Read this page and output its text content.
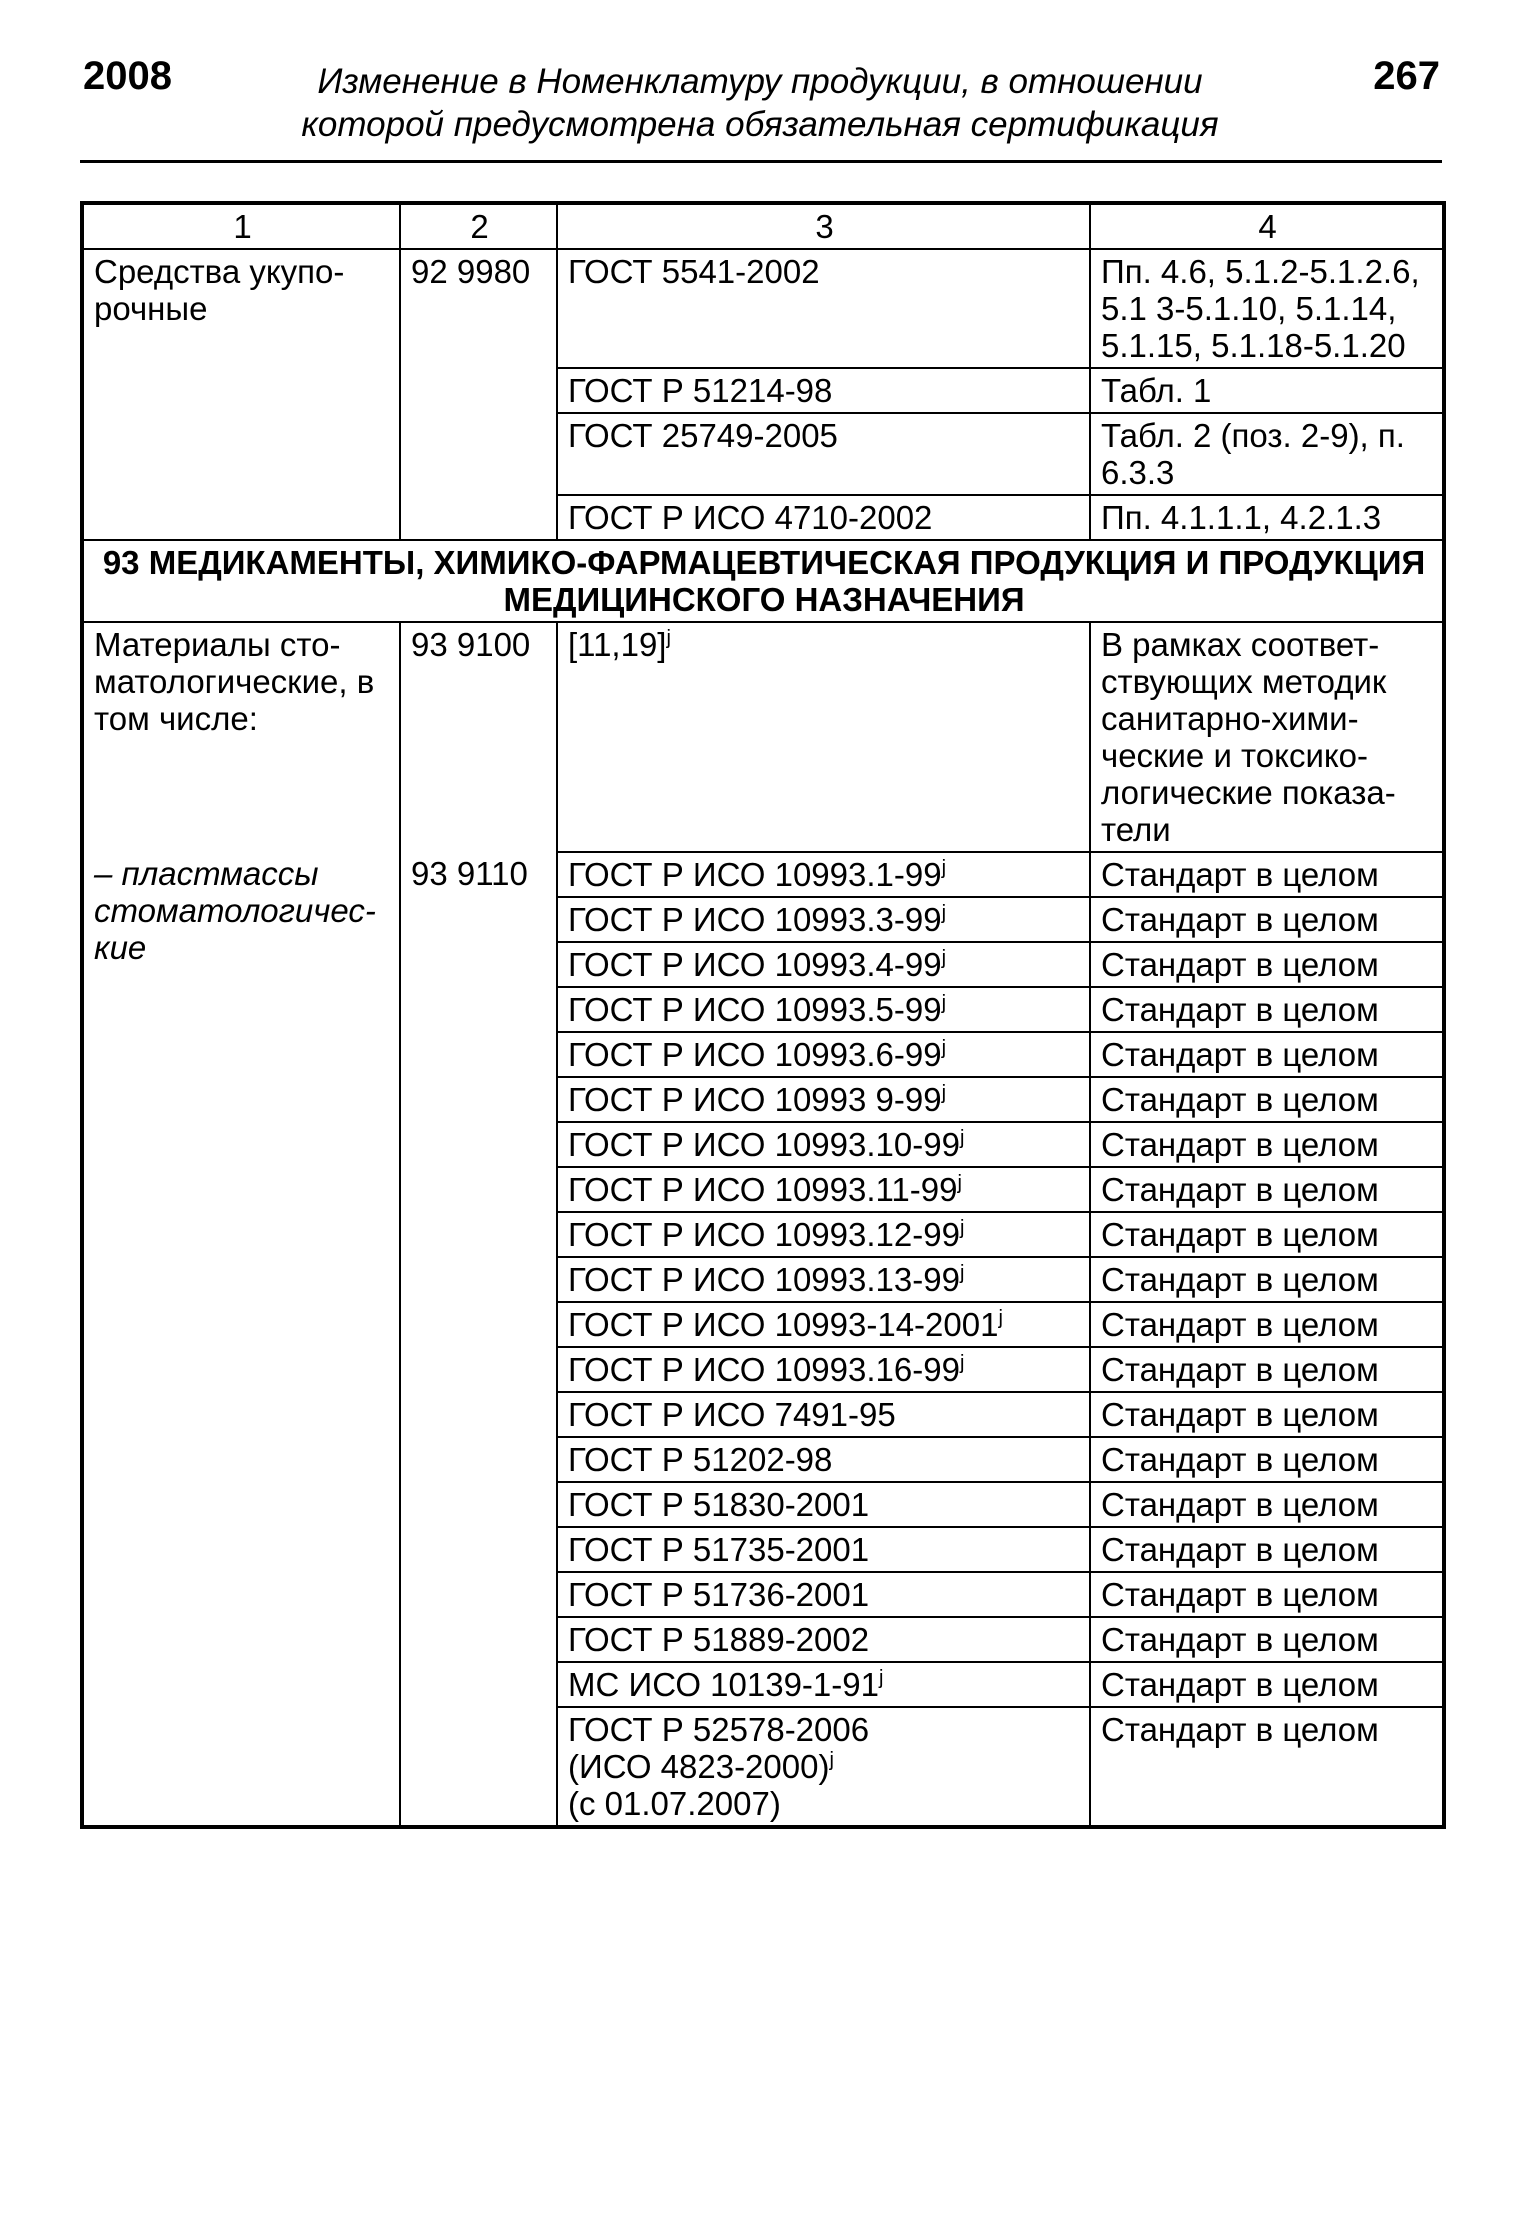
2008	Изменение в Номенклатуру продукции, в отношении
которой предусмотрена обязательная сертификация
267
1	2	3	4
Средства укупо-рочные	92 9980	ГОСТ 5541-2002	Пп. 4.6, 5.1.2-5.1.2.6, 5.1 3-5.1.10, 5.1.14, 5.1.15, 5.1.18-5.1.20
		ГОСТ Р 51214-98	Табл. 1
		ГОСТ 25749-2005	Табл. 2 (поз. 2-9), п. 6.3.3
		ГОСТ Р ИСО 4710-2002	Пп. 4.1.1.1, 4.2.1.3
93 МЕДИКАМЕНТЫ, ХИМИКО-ФАРМАЦЕВТИЧЕСКАЯ ПРОДУКЦИЯ И ПРОДУКЦИЯ МЕДИЦИНСКОГО НАЗНАЧЕНИЯ			
Материалы сто-матологические, в том числе:	93 9100	$[11,19]^j$	В рамках соответ-ствующих методик санитарно-хими-ческие и токсико-логические показа-тели
– пластмассы стоматологичес-кие	93 9110	ГОСТ Р ИСО 10993.1-99$^j$	Стандарт в целом
		ГОСТ Р ИСО 10993.3-99$^j$	Стандарт в целом
		ГОСТ Р ИСО 10993.4-99$^j$	Стандарт в целом
		ГОСТ Р ИСО 10993.5-99$^j$	Стандарт в целом
		ГОСТ Р ИСО 10993.6-99$^j$	Стандарт в целом
		ГОСТ Р ИСО 10993 9-99$^j$	Стандарт в целом
		ГОСТ Р ИСО 10993.10-99$^j$	Стандарт в целом
		ГОСТ Р ИСО 10993.11-99$^j$	Стандарт в целом
		ГОСТ Р ИСО 10993.12-99$^j$	Стандарт в целом
		ГОСТ Р ИСО 10993.13-99$^j$	Стандарт в целом
		ГОСТ Р ИСО 10993-14-2001$^j$	Стандарт в целом
		ГОСТ Р ИСО 10993.16-99$^j$	Стандарт в целом
		ГОСТ Р ИСО 7491-95	Стандарт в целом
		ГОСТ Р 51202-98	Стандарт в целом
		ГОСТ Р 51830-2001	Стандарт в целом
		ГОСТ Р 51735-2001	Стандарт в целом
		ГОСТ Р 51736-2001	Стандарт в целом
		ГОСТ Р 51889-2002	Стандарт в целом
		МС ИСО 10139-1-91$^j$	Стандарт в целом

		ГОСТ Р 52578-2006
(ИСО 4823-2000)$^j$
(с 01.07.2007)	Стандарт в целом
